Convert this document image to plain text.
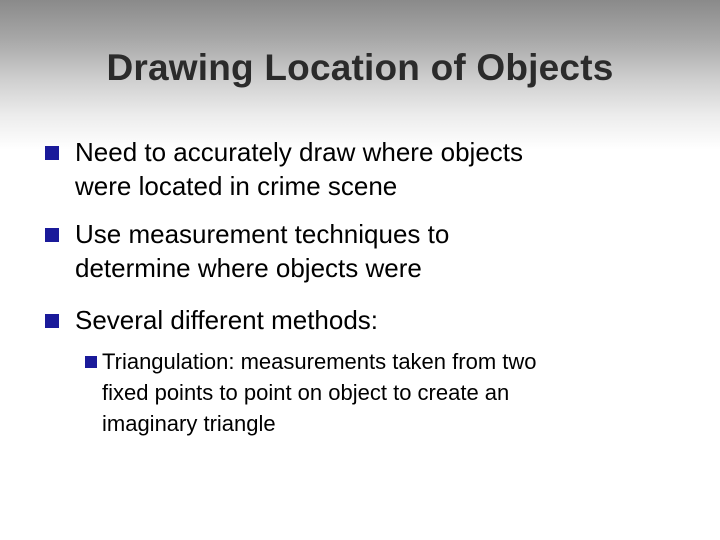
Drawing Location of Objects
Need to accurately draw where objects
were located in crime scene
Use measurement techniques to
determine where objects were
Several different methods:
Triangulation: measurements taken from two
fixed points to point on object to create an
imaginary triangle
